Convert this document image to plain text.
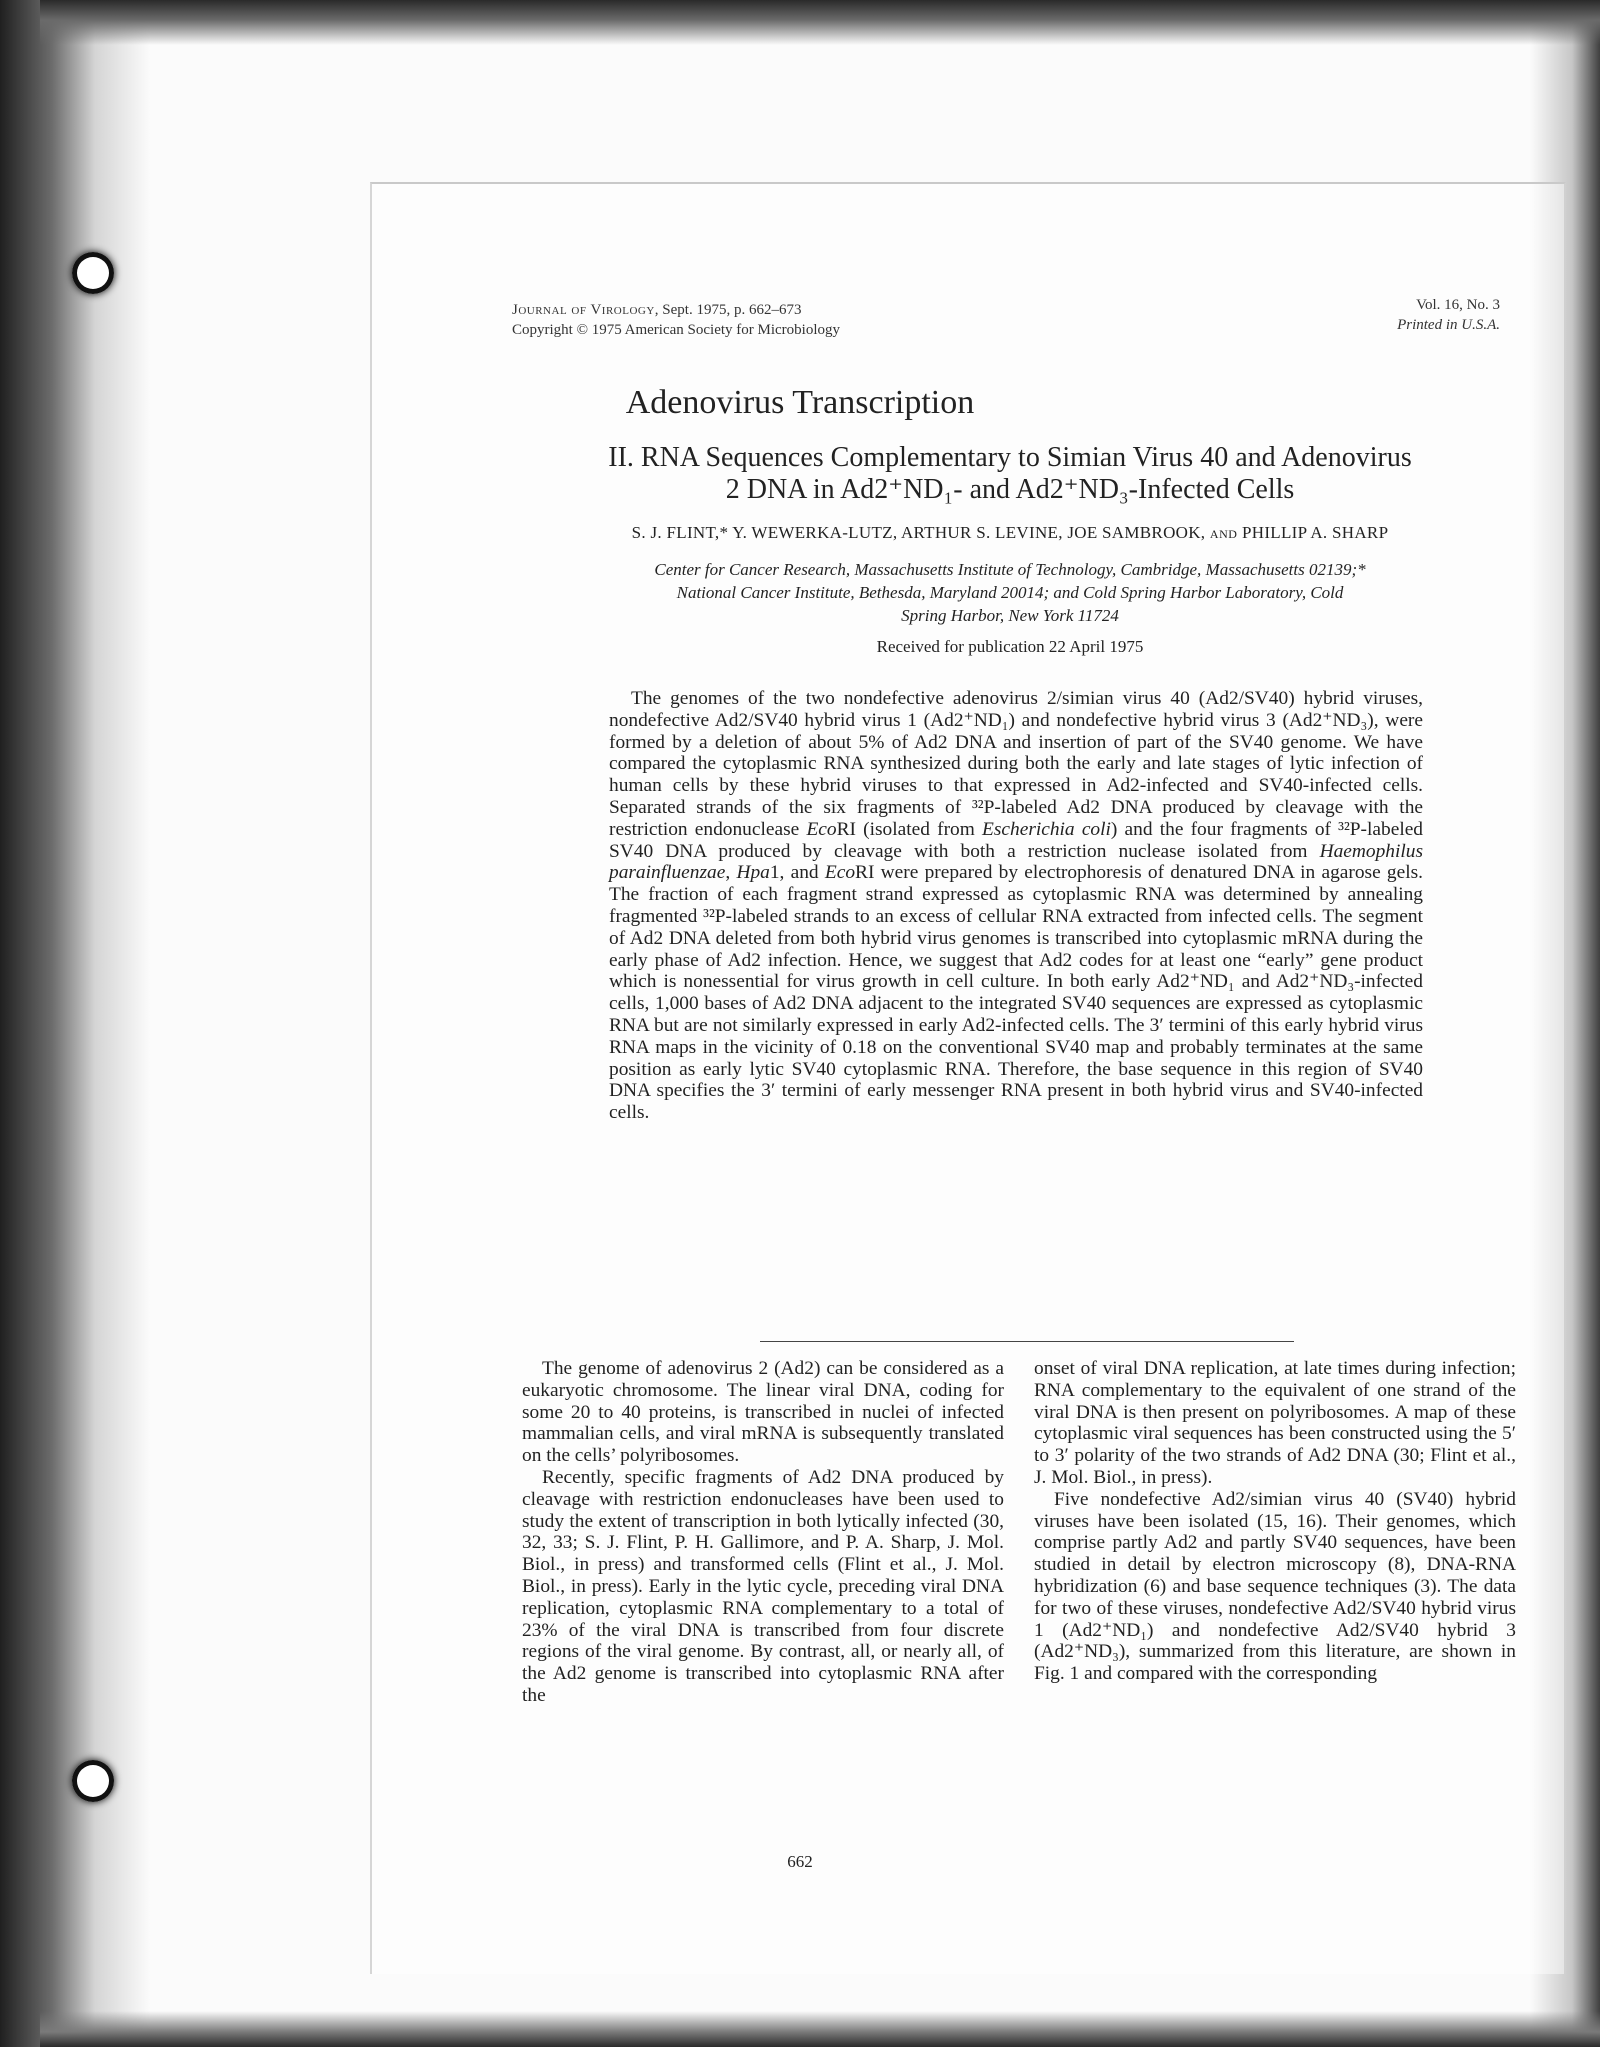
Journal of Virology, Sept. 1975, p. 662–673
Copyright © 1975 American Society for Microbiology
Vol. 16, No. 3
Printed in U.S.A.
Adenovirus Transcription
II. RNA Sequences Complementary to Simian Virus 40 and Adenovirus
2 DNA in Ad2⁺ND₁- and Ad2⁺ND₃-Infected Cells
S. J. FLINT,* Y. WEWERKA-LUTZ, ARTHUR S. LEVINE, JOE SAMBROOK, and PHILLIP A. SHARP
Center for Cancer Research, Massachusetts Institute of Technology, Cambridge, Massachusetts 02139;*
National Cancer Institute, Bethesda, Maryland 20014; and Cold Spring Harbor Laboratory, Cold
Spring Harbor, New York 11724
Received for publication 22 April 1975
The genomes of the two nondefective adenovirus 2/simian virus 40 (Ad2/SV40) hybrid viruses, nondefective Ad2/SV40 hybrid virus 1 (Ad2⁺ND₁) and nondefective hybrid virus 3 (Ad2⁺ND₃), were formed by a deletion of about 5% of Ad2 DNA and insertion of part of the SV40 genome. We have compared the cytoplasmic RNA synthesized during both the early and late stages of lytic infection of human cells by these hybrid viruses to that expressed in Ad2-infected and SV40-infected cells. Separated strands of the six fragments of ³²P-labeled Ad2 DNA produced by cleavage with the restriction endonuclease EcoRI (isolated from Escherichia coli) and the four fragments of ³²P-labeled SV40 DNA produced by cleavage with both a restriction nuclease isolated from Haemophilus parainfluenzae, Hpa1, and EcoRI were prepared by electrophoresis of denatured DNA in agarose gels. The fraction of each fragment strand expressed as cytoplasmic RNA was determined by annealing fragmented ³²P-labeled strands to an excess of cellular RNA extracted from infected cells. The segment of Ad2 DNA deleted from both hybrid virus genomes is transcribed into cytoplasmic mRNA during the early phase of Ad2 infection. Hence, we suggest that Ad2 codes for at least one “early” gene product which is nonessential for virus growth in cell culture. In both early Ad2⁺ND₁ and Ad2⁺ND₃-infected cells, 1,000 bases of Ad2 DNA adjacent to the integrated SV40 sequences are expressed as cytoplasmic RNA but are not similarly expressed in early Ad2-infected cells. The 3′ termini of this early hybrid virus RNA maps in the vicinity of 0.18 on the conventional SV40 map and probably terminates at the same position as early lytic SV40 cytoplasmic RNA. Therefore, the base sequence in this region of SV40 DNA specifies the 3′ termini of early messenger RNA present in both hybrid virus and SV40-infected cells.

The genome of adenovirus 2 (Ad2) can be considered as a eukaryotic chromosome. The linear viral DNA, coding for some 20 to 40 proteins, is transcribed in nuclei of infected mammalian cells, and viral mRNA is subsequently translated on the cells’ polyribosomes.

Recently, specific fragments of Ad2 DNA produced by cleavage with restriction endonucleases have been used to study the extent of transcription in both lytically infected (30, 32, 33; S. J. Flint, P. H. Gallimore, and P. A. Sharp, J. Mol. Biol., in press) and transformed cells (Flint et al., J. Mol. Biol., in press). Early in the lytic cycle, preceding viral DNA replication, cytoplasmic RNA complementary to a total of 23% of the viral DNA is transcribed from four discrete regions of the viral genome. By contrast, all, or nearly all, of the Ad2 genome is transcribed into cytoplasmic RNA after the

onset of viral DNA replication, at late times during infection; RNA complementary to the equivalent of one strand of the viral DNA is then present on polyribosomes. A map of these cytoplasmic viral sequences has been constructed using the 5′ to 3′ polarity of the two strands of Ad2 DNA (30; Flint et al., J. Mol. Biol., in press).

Five nondefective Ad2/simian virus 40 (SV40) hybrid viruses have been isolated (15, 16). Their genomes, which comprise partly Ad2 and partly SV40 sequences, have been studied in detail by electron microscopy (8), DNA-RNA hybridization (6) and base sequence techniques (3). The data for two of these viruses, nondefective Ad2/SV40 hybrid virus 1 (Ad2⁺ND₁) and nondefective Ad2/SV40 hybrid 3 (Ad2⁺ND₃), summarized from this literature, are shown in Fig. 1 and compared with the corresponding

662
